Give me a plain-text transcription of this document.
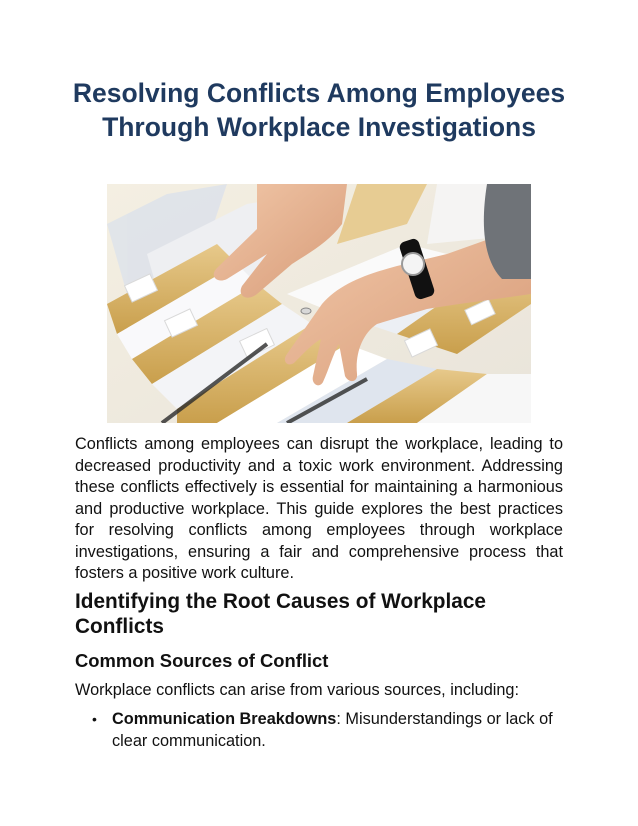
Resolving Conflicts Among Employees Through Workplace Investigations

Conflicts among employees can disrupt the workplace, leading to decreased productivity and a toxic work environment. Addressing these conflicts effectively is essential for maintaining a harmonious and productive workplace. This guide explores the best practices for resolving conflicts among employees through workplace investigations, ensuring a fair and comprehensive process that fosters a positive work culture.

Identifying the Root Causes of Workplace Conflicts
Common Sources of Conflict

Workplace conflicts can arise from various sources, including:

• Communication Breakdowns: Misunderstandings or lack of clear communication.
